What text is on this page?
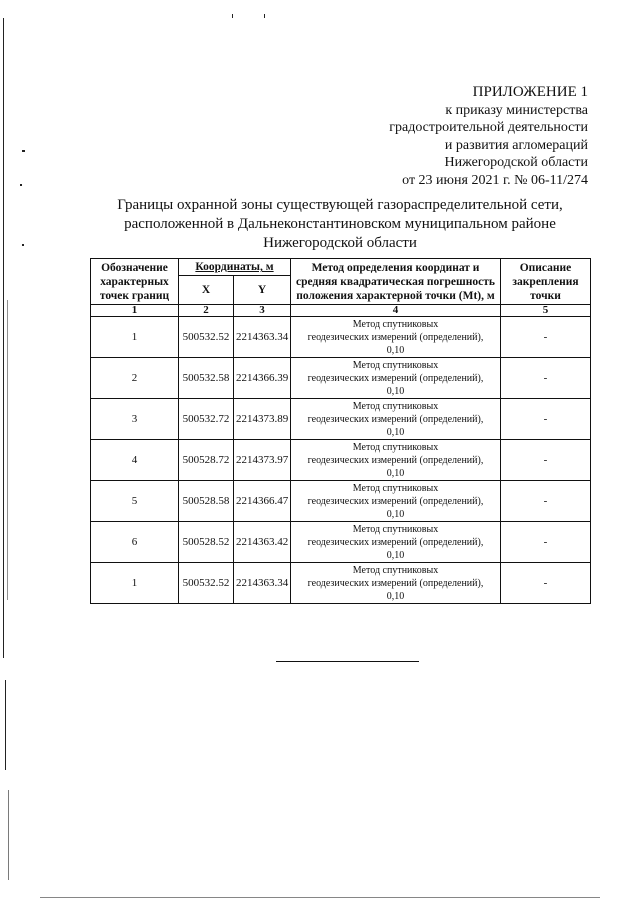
ПРИЛОЖЕНИЕ 1
к приказу министерства
градостроительной деятельности
и развития агломераций
Нижегородской области
от 23 июня 2021 г. № 06-11/274
Границы охранной зоны существующей газораспределительной сети,
расположенной в Дальнеконстантиновском муниципальном районе
Нижегородской области
Обозначение характерных точек границ	Координаты, м		Метод определения координат и средняя квадратическая погрешность положения характерной точки (Mt), м	Описание закрепления точки
	X	Y		
1	2	3	4	5
1	500532.52	2214363.34	Метод спутниковых
геодезических измерений (определений),
0,10	-
2	500532.58	2214366.39	Метод спутниковых
геодезических измерений (определений),
0,10	-
3	500532.72	2214373.89	Метод спутниковых
геодезических измерений (определений),
0,10	-
4	500528.72	2214373.97	Метод спутниковых
геодезических измерений (определений),
0,10	-
5	500528.58	2214366.47	Метод спутниковых
геодезических измерений (определений),
0,10	-
6	500528.52	2214363.42	Метод спутниковых
геодезических измерений (определений),
0,10	-
1	500532.52	2214363.34	Метод спутниковых
геодезических измерений (определений),
0,10	-
